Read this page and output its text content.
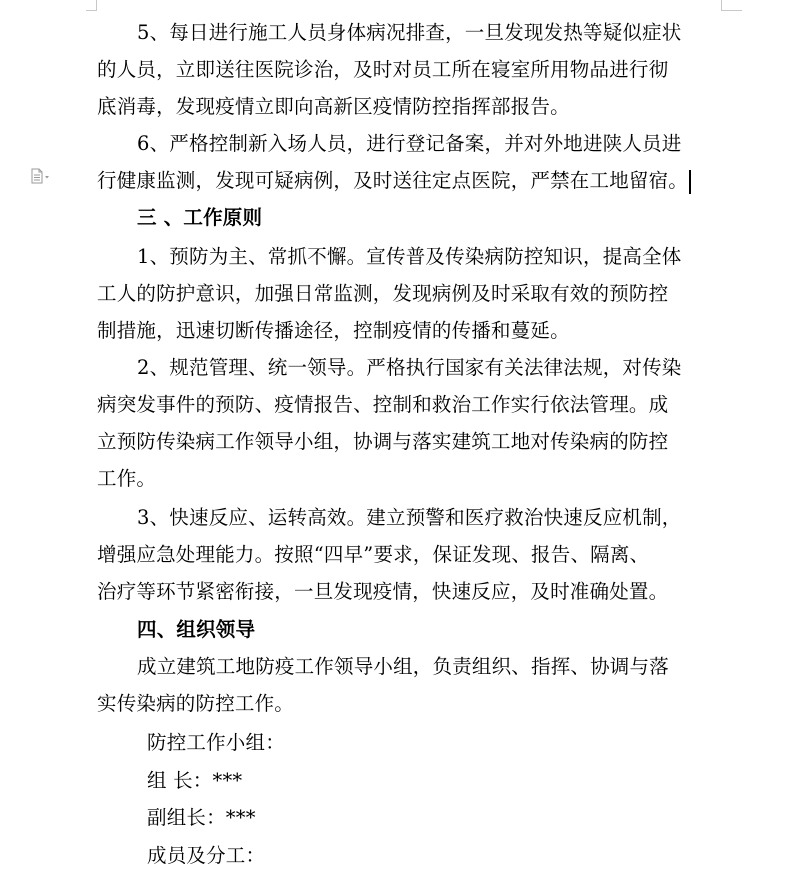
5、每日进行施工人员身体病况排查，一旦发现发热等疑似症状
的人员，立即送往医院诊治，及时对员工所在寝室所用物品进行彻
底消毒，发现疫情立即向高新区疫情防控指挥部报告。
6、严格控制新入场人员，进行登记备案，并对外地进陕人员进
行健康监测，发现可疑病例，及时送往定点医院，严禁在工地留宿。
三 、工作原则
1、预防为主、常抓不懈。宣传普及传染病防控知识，提高全体
工人的防护意识，加强日常监测，发现病例及时采取有效的预防控
制措施，迅速切断传播途径，控制疫情的传播和蔓延。
2、规范管理、统一领导。严格执行国家有关法律法规，对传染
病突发事件的预防、疫情报告、控制和救治工作实行依法管理。成
立预防传染病工作领导小组，协调与落实建筑工地对传染病的防控
工作。
3、快速反应、运转高效。建立预警和医疗救治快速反应机制，
增强应急处理能力。按照“四早”要求，保证发现、报告、隔离、
治疗等环节紧密衔接，一旦发现疫情，快速反应，及时准确处置。
四、组织领导
成立建筑工地防疫工作领导小组，负责组织、指挥、协调与落
实传染病的防控工作。
防控工作小组：
组 长：***
副组长：***
成员及分工：
